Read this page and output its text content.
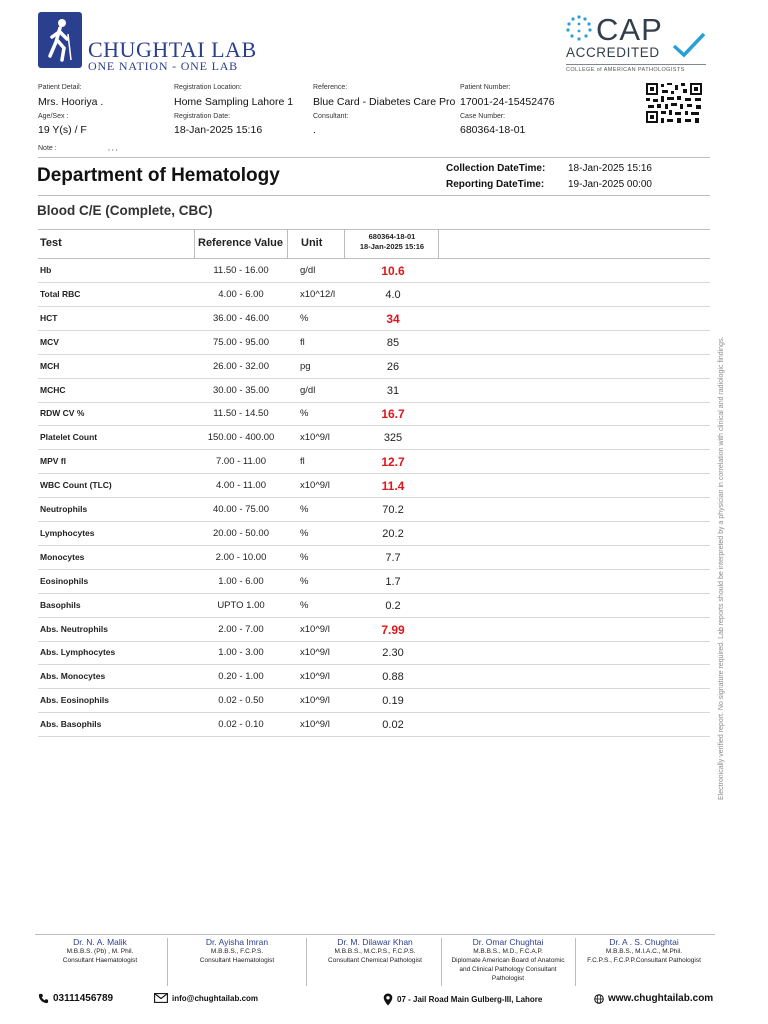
CHUGHTAI LAB
ONE NATION - ONE LAB
CAP
ACCREDITED
COLLEGE of AMERICAN PATHOLOGISTS
Patient Detail:
Mrs. Hooriya .
Age/Sex :
19 Y(s) / F
Note :	, , ,
Registration Location:
Home Sampling Lahore 1
Registration Date:
18-Jan-2025 15:16
Reference:
Blue Card - Diabetes Care Pro
Consultant:
.
Patient Number:
17001-24-15452476
Case Number:
680364-18-01
Department of Hematology	Collection DateTime: 18-Jan-2025 15:16
Reporting DateTime: 19-Jan-2025 00:00
Blood C/E (Complete, CBC)
Test	Reference Value Unit
680364-18-01
18-Jan-2025 15:16
Hb	11.50 - 16.00	g/dl	10.6
Total RBC	4.00 - 6.00	x10^12/l	4.0
HCT	36.00 - 46.00	%	34
MCV	75.00 - 95.00	fl	85
MCH	26.00 - 32.00	pg	26
MCHC	30.00 - 35.00	g/dl	31
RDW CV %	11.50 - 14.50	%	16.7
Platelet Count	150.00 - 400.00	x10^9/l	325
MPV fl	7.00 - 11.00	fl	12.7
WBC Count (TLC)	4.00 - 11.00	x10^9/l	11.4
Neutrophils	40.00 - 75.00	%	70.2
Lymphocytes	20.00 - 50.00	%	20.2
Monocytes	2.00 - 10.00	%	7.7
Eosinophils	1.00 - 6.00	%	1.7
Basophils	UPTO 1.00	%	0.2
Abs. Neutrophils	2.00 - 7.00	x10^9/l	7.99
Abs. Lymphocytes	1.00 - 3.00	x10^9/l	2.30
Abs. Monocytes	0.20 - 1.00	x10^9/l	0.88
Abs. Eosinophils	0.02 - 0.50	x10^9/l	0.19
Abs. Basophils	0.02 - 0.10	x10^9/l	0.02	Electronically verified report. No signature required. Lab reports should be interpreted by a physician in correlation with clinical and radiologic findings.
Dr. N. A. Malik
M.B.B.S. (Pb) , M. Phil.
Consultant Haematologist
Dr. Ayisha Imran
M.B.B.S., F.C.P.S.
Consultant Haematologist
Dr. M. Dilawar Khan
M.B.B.S., M.C.P.S., F.C.P.S.
Consultant Chemical Pathologist
Dr. Omar Chughtai
M.B.B.S., M.D., F.C.A.P.
Diplomate American Board of Anatomic
and Clinical Pathology Consultant
Pathologist
Dr. A . S. Chughtai
M.B.B.S., M.I.A.C., M.Phil.
F.C.P.S., F.C.P.P.Consultant Pathologist
03111456789	info@chughtailab.com	07 - Jail Road Main Gulberg-III, Lahore	www.chughtailab.com
